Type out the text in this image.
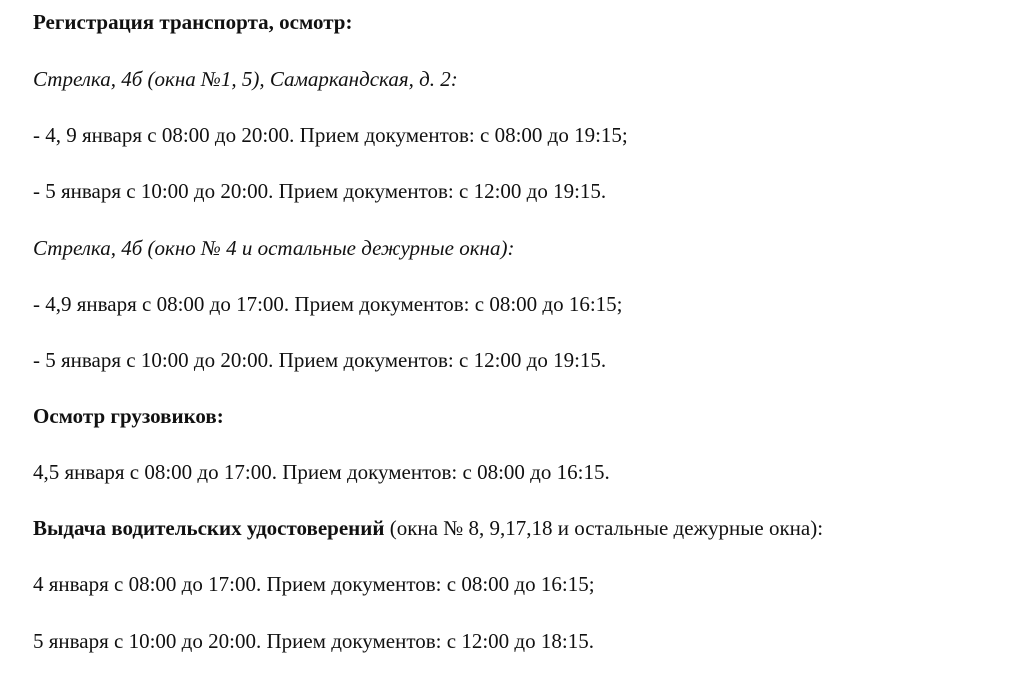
Регистрация транспорта, осмотр:
Стрелка, 4б (окна №1, 5), Самаркандская, д. 2:
- 4, 9 января с 08:00 до 20:00. Прием документов: с 08:00 до 19:15;
- 5 января с 10:00 до 20:00. Прием документов: с 12:00 до 19:15.
Стрелка, 4б (окно № 4 и остальные дежурные окна):
- 4,9 января с 08:00 до 17:00. Прием документов: с 08:00 до 16:15;
- 5 января с 10:00 до 20:00. Прием документов: с 12:00 до 19:15.
Осмотр грузовиков:
4,5 января с 08:00 до 17:00. Прием документов: с 08:00 до 16:15.
Выдача водительских удостоверений (окна № 8, 9,17,18 и остальные дежурные окна):
4 января с 08:00 до 17:00. Прием документов: с 08:00 до 16:15;
5 января с 10:00 до 20:00. Прием документов: с 12:00 до 18:15.
